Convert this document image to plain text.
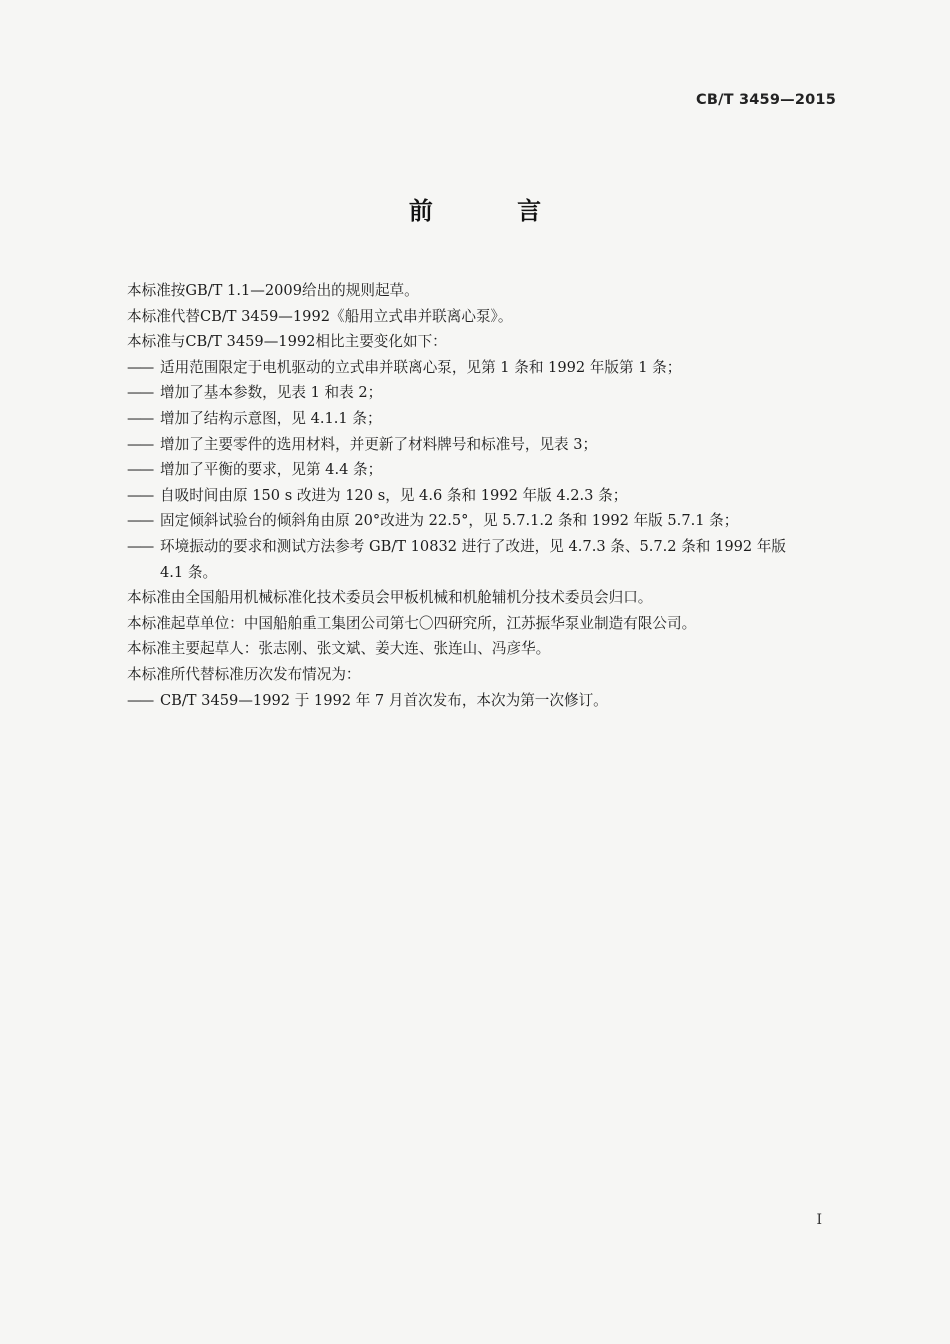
CB/T 3459—2015
前 言
本标准按GB/T 1.1—2009给出的规则起草。
本标准代替CB/T 3459—1992《船用立式串并联离心泵》。
本标准与CB/T 3459—1992相比主要变化如下：
—— 适用范围限定于电机驱动的立式串并联离心泵，见第 1 条和 1992 年版第 1 条；
—— 增加了基本参数，见表 1 和表 2；
—— 增加了结构示意图，见 4.1.1 条；
—— 增加了主要零件的选用材料，并更新了材料牌号和标准号，见表 3；
—— 增加了平衡的要求，见第 4.4 条；
—— 自吸时间由原 150 s 改进为 120 s，见 4.6 条和 1992 年版 4.2.3 条；
—— 固定倾斜试验台的倾斜角由原 20°改进为 22.5°，见 5.7.1.2 条和 1992 年版 5.7.1 条；
—— 环境振动的要求和测试方法参考 GB/T 10832 进行了改进，见 4.7.3 条、5.7.2 条和 1992 年版
4.1 条。
本标准由全国船用机械标准化技术委员会甲板机械和机舱辅机分技术委员会归口。
本标准起草单位：中国船舶重工集团公司第七〇四研究所，江苏振华泵业制造有限公司。
本标准主要起草人：张志刚、张文斌、姜大连、张连山、冯彦华。
本标准所代替标准历次发布情况为：
—— CB/T 3459—1992 于 1992 年 7 月首次发布，本次为第一次修订。
I
